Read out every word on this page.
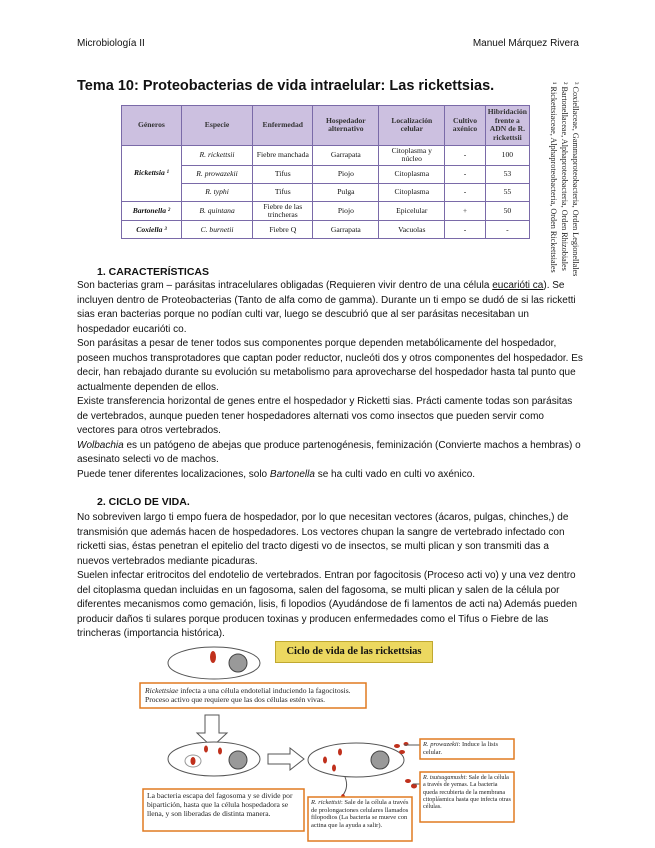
Microbiología II	Manuel Márquez Rivera
Tema 10: Proteobacterias de vida intraelular: Las rickettsias.
Géneros	Especie	Enfermedad	Hospedador alternativo	Localización celular	Cultivo axénico	Hibridación frente a ADN de R. rickettsii
Rickettsia ¹	R. rickettsii	Fiebre manchada	Garrapata	Citoplasma y núcleo	-	100
	R. prowazekii	Tifus	Piojo	Citoplasma	-	53
	R. typhi	Tifus	Pulga	Citoplasma	-	55
Bartonella ²	B. quintana	Fiebre de las trincheras	Piojo	Epicelular	+	50
Coxiella ³	C. burnetii	Fiebre Q	Garrapata	Vacuolas	-	-	¹ Rickettsiaceae, Alphaproteobacteria, Orden Rickettsiales ² Bartonellaceae, Alphaproteobacteria, Orden Rhizobiales ³ Coxiellaceae, Gammaproteobacteria, Orden Legionellales
1. CARACTERÍSTICAS

Son bacterias gram – parásitas intracelulares obligadas (Requieren vivir dentro de una célula eucarióti ca). Se incluyen dentro de Proteobacterias (Tanto de alfa como de gamma). Durante un ti empo se dudó de si las ricketti sias eran bacterias porque no podían culti var, luego se descubrió que al ser parásitas necesitaban un hospedador eucarióti co.

Son parásitas a pesar de tener todos sus componentes porque dependen metabólicamente del hospedador, poseen muchos transprotadores que captan poder reductor, nucleóti dos y otros componentes del hospedador. Es decir, han rebajado durante su evolución su metabolismo para aprovecharse del hospedador hasta tal punto que actualmente dependen de ellos.

Existe transferencia horizontal de genes entre el hospedador y Ricketti sias. Prácti camente todas son parásitas de vertebrados, aunque pueden tener hospedadores alternati vos como insectos que pueden servir como vectores para otros vertebrados.

Wolbachia es un patógeno de abejas que produce partenogénesis, feminización (Convierte machos a hembras) o asesinato selecti vo de machos.

Puede tener diferentes localizaciones, solo Bartonella se ha culti vado en culti vo axénico.

2. CICLO DE VIDA.

No sobreviven largo ti empo fuera de hospedador, por lo que necesitan vectores (ácaros, pulgas, chinches,) de transmisión que además hacen de hospedadores. Los vectores chupan la sangre de vertebrado infectado con ricketti sias, éstas penetran el epitelio del tracto digesti vo de insectos, se multi plican y son transmiti das a nuevos vertebrados mediante picaduras.

Suelen infectar eritrocitos del endotelio de vertebrados. Entran por fagocitosis (Proceso acti vo) y una vez dentro del citoplasma quedan incluidas en un fagosoma, salen del fagosoma, se multi plican y salen de la célula por diferentes mecanismos como gemación, lisis, fi lopodios (Ayudándose de fi lamentos de acti na) Además pueden producir daños ti sulares porque producen toxinas y producen enfermedades como el Tifus o Fiebre de las trincheras (importancia histórica).

Ciclo de vida de las rickettsias
Rickettsiae infecta a una célula endotelial induciendo la fagocitosis. Proceso activo que requiere que las dos células estén vivas.
La bacteria escapa del fagosoma y se divide por bipartición, hasta que la célula hospedadora se llena, y son liberadas de distinta manera.
R. rickettsii: Sale de la célula a través de prolongaciones celulares llamados filopodios (La bacteria se mueve con actina que la ayuda a salir).
R. prowazekii: Induce la lisis celular.
R. tsutsugamushi: Sale de la célula a través de yemas. La bacteria queda recubierta de la membrana citoplásmica hasta que infecta otras células.
